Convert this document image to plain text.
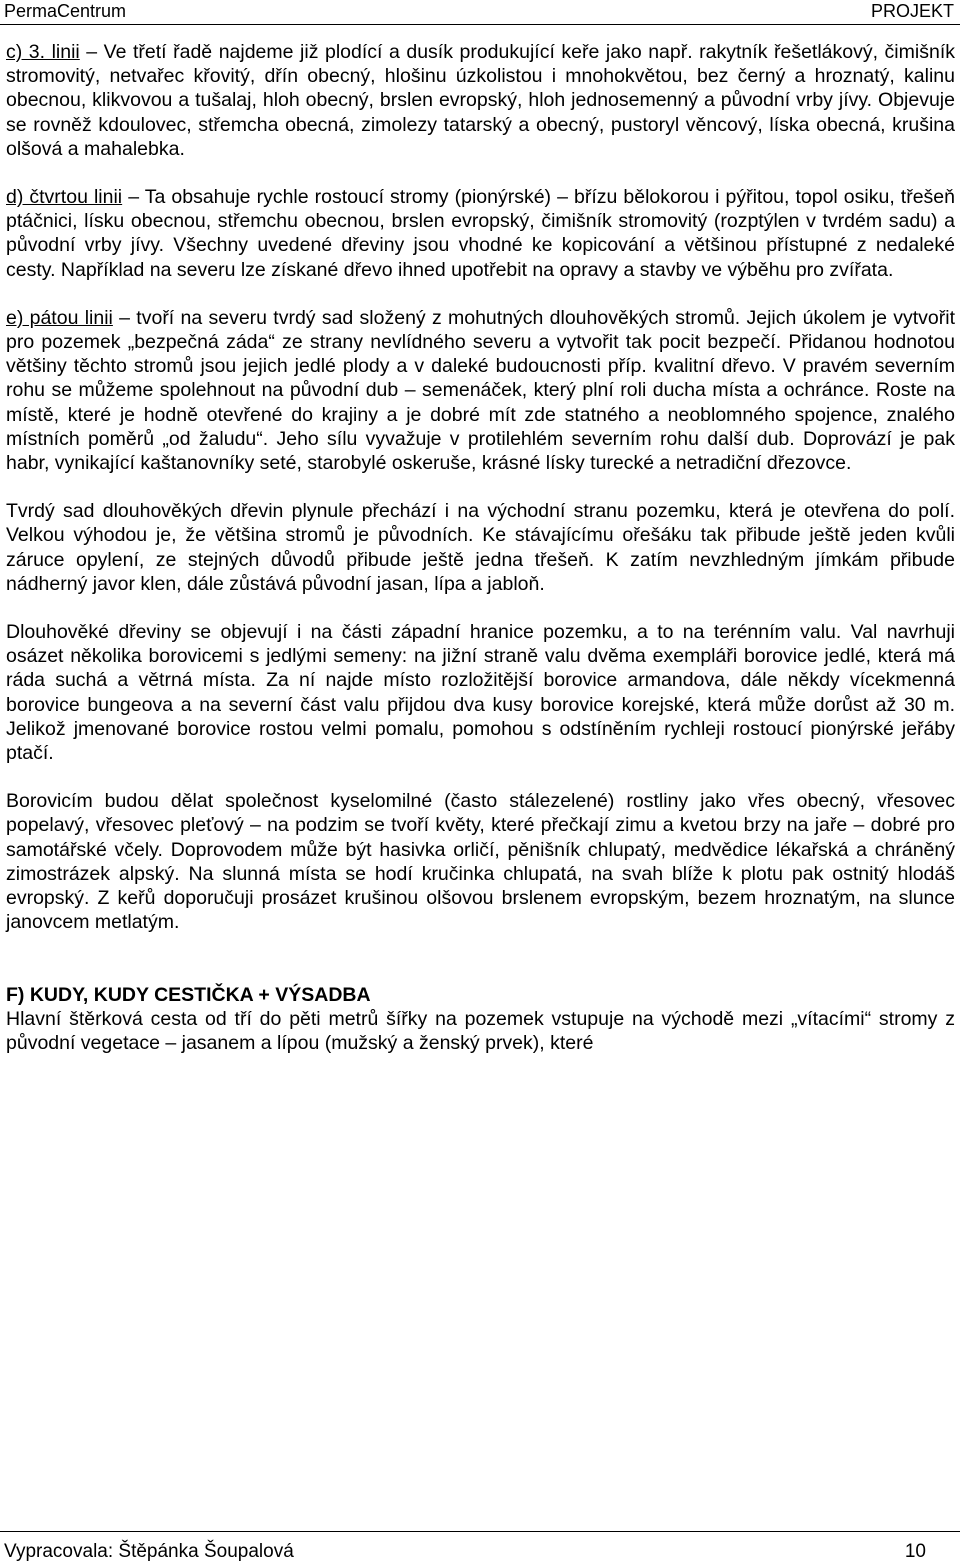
PermaCentrum	PROJEKT

c) 3. linii – Ve třetí řadě najdeme již plodící a dusík produkující keře jako např. rakytník řešetlákový, čimišník stromovitý, netvařec křovitý, dřín obecný, hlošinu úzkolistou i mnohokvětou, bez černý a hroznatý, kalinu obecnou, klikvovou a tušalaj, hloh obecný, brslen evropský, hloh jednosemenný a původní vrby jívy. Objevuje se rovněž kdoulovec, střemcha obecná, zimolezy tatarský a obecný, pustoryl věncový, líska obecná, krušina olšová a mahalebka.

d) čtvrtou linii – Ta obsahuje rychle rostoucí stromy (pionýrské) – břízu bělokorou i pýřitou, topol osiku, třešeň ptáčnici, lísku obecnou, střemchu obecnou, brslen evropský, čimišník stromovitý (rozptýlen v tvrdém sadu) a původní vrby jívy. Všechny uvedené dřeviny jsou vhodné ke kopicování a většinou přístupné z nedaleké cesty. Například na severu lze získané dřevo ihned upotřebit na opravy a stavby ve výběhu pro zvířata.

e) pátou linii – tvoří na severu tvrdý sad složený z mohutných dlouhověkých stromů. Jejich úkolem je vytvořit pro pozemek „bezpečná záda“ ze strany nevlídného severu a vytvořit tak pocit bezpečí. Přidanou hodnotou většiny těchto stromů jsou jejich jedlé plody a v daleké budoucnosti příp. kvalitní dřevo. V pravém severním rohu se můžeme spolehnout na původní dub – semenáček, který plní roli ducha místa a ochránce. Roste na místě, které je hodně otevřené do krajiny a je dobré mít zde statného a neoblomného spojence, znalého místních poměrů „od žaludu“. Jeho sílu vyvažuje v protilehlém severním rohu další dub. Doprovází je pak habr, vynikající kaštanovníky seté, starobylé oskeruše, krásné lísky turecké a netradiční dřezovce.

Tvrdý sad dlouhověkých dřevin plynule přechází i na východní stranu pozemku, která je otevřena do polí. Velkou výhodou je, že většina stromů je původních. Ke stávajícímu ořešáku tak přibude ještě jeden kvůli záruce opylení, ze stejných důvodů přibude ještě jedna třešeň. K zatím nevzhledným jímkám přibude nádherný javor klen, dále zůstává původní jasan, lípa a jabloň.

Dlouhověké dřeviny se objevují i na části západní hranice pozemku, a to na terénním valu. Val navrhuji osázet několika borovicemi s jedlými semeny: na jižní straně valu dvěma exempláři borovice jedlé, která má ráda suchá a větrná místa. Za ní najde místo rozložitější borovice armandova, dále někdy vícekmenná borovice bungeova a na severní část valu přijdou dva kusy borovice korejské, která může dorůst až 30 m. Jelikož jmenované borovice rostou velmi pomalu, pomohou s odstíněním rychleji rostoucí pionýrské jeřáby ptačí.

Borovicím budou dělat společnost kyselomilné (často stálezelené) rostliny jako vřes obecný, vřesovec popelavý, vřesovec pleťový – na podzim se tvoří květy, které přečkají zimu a kvetou brzy na jaře – dobré pro samotářské včely. Doprovodem může být hasivka orličí, pěnišník chlupatý, medvědice lékařská a chráněný zimostrázek alpský. Na slunná místa se hodí kručinka chlupatá, na svah blíže k plotu pak ostnitý hlodáš evropský. Z keřů doporučuji prosázet krušinou olšovou brslenem evropským, bezem hroznatým, na slunce janovcem metlatým.

F) KUDY, KUDY CESTIČKA + VÝSADBA

Hlavní štěrková cesta od tří do pěti metrů šířky na pozemek vstupuje na východě mezi „vítacími“ stromy z původní vegetace – jasanem a lípou (mužský a ženský prvek), které

Vypracovala: Štěpánka Šoupalová	10
